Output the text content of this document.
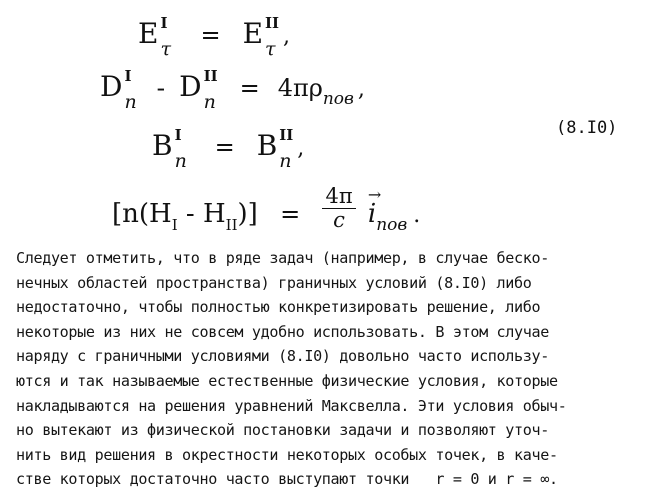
E I
τ = E II
τ ,
D I
n - D II
$n = 4\pi\rho_{пов}$ ,
B I
n = B II
n ,
(8.I0)
$[n(H_I - H_{II})] = \frac{4\pi}{c}$
→ $i_{пов}$ .
Следует отметить, что в ряде задач (например, в случае беско-
нечных областей пространства) граничных условий (8.I0) либо
недостаточно, чтобы полностью конкретизировать решение, либо
некоторые из них не совсем удобно использовать. В этом случае
наряду с граничными условиями (8.I0) довольно часто использу-
ются и так называемые естественные физические условия, которые
накладываются на решения уравнений Максвелла. Эти условия обыч-
но вытекают из физической постановки задачи и позволяют уточ-
нить вид решения в окрестности некоторых особых точек, в каче-
стве которых достаточно часто выступают точки   r = 0 и r = ∞.
